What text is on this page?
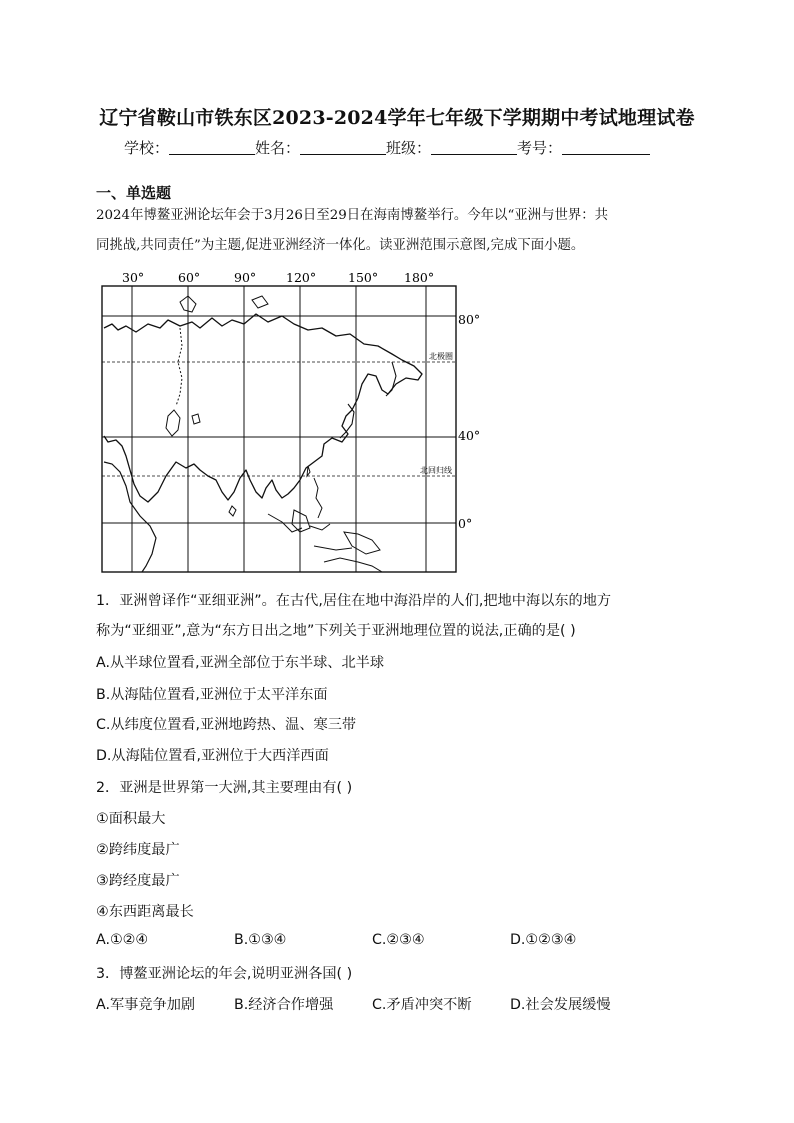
辽宁省鞍山市铁东区2023-2024学年七年级下学期期中考试地理试卷
学校：	姓名：	班级：	考号：
一、单选题
2024年博鳌亚洲论坛年会于3月26日至29日在海南博鳌举行。今年以“亚洲与世界：共
同挑战,共同责任”为主题,促进亚洲经济一体化。读亚洲范围示意图,完成下面小题。
30°	60°	90° 120°	150° 180°
80°
40°
0°
北极圈
北回归线
1．亚洲曾译作“亚细亚洲”。在古代,居住在地中海沿岸的人们,把地中海以东的地方
称为“亚细亚”,意为“东方日出之地”下列关于亚洲地理位置的说法,正确的是( )
A.从半球位置看,亚洲全部位于东半球、北半球
B.从海陆位置看,亚洲位于太平洋东面
C.从纬度位置看,亚洲地跨热、温、寒三带
D.从海陆位置看,亚洲位于大西洋西面
2．亚洲是世界第一大洲,其主要理由有( )
①面积最大
②跨纬度最广
③跨经度最广
④东西距离最长
A.①②④	B.①③④	C.②③④	D.①②③④
3．博鳌亚洲论坛的年会,说明亚洲各国( )
A.军事竞争加剧	B.经济合作增强	C.矛盾冲突不断	D.社会发展缓慢
